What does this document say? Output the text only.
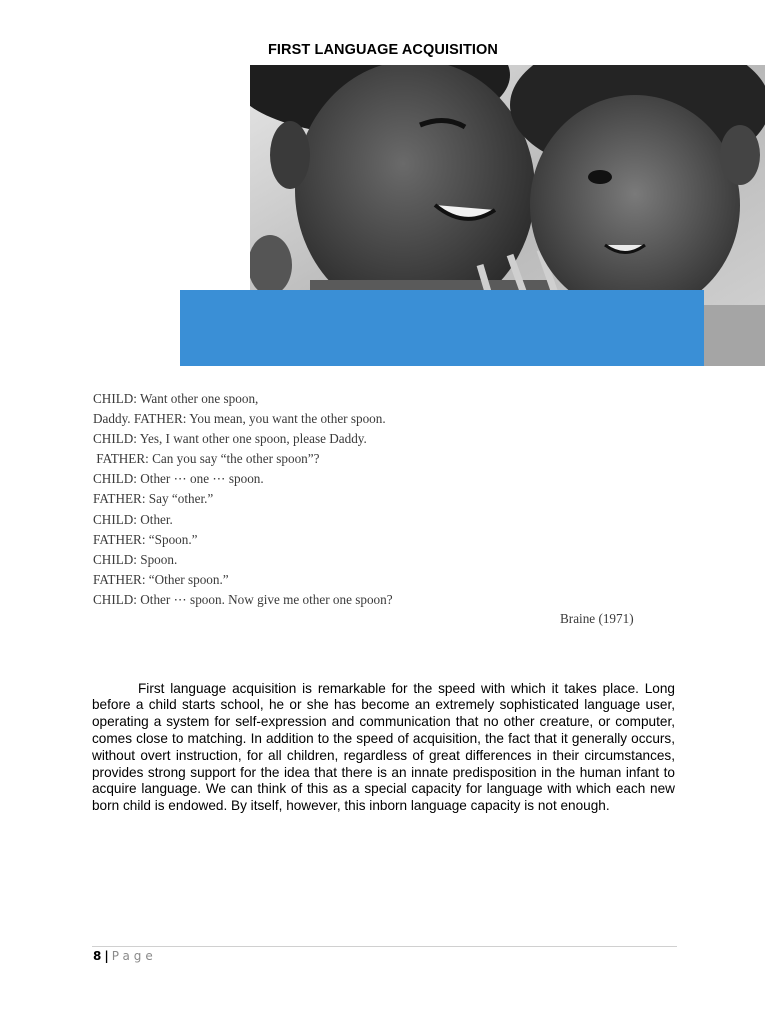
FIRST LANGUAGE ACQUISITION
CHILD: Want other one spoon,
Daddy. FATHER: You mean, you want the other spoon.
CHILD: Yes, I want other one spoon, please Daddy.
FATHER: Can you say “the other spoon”?
CHILD: Other ⋯ one ⋯ spoon.
FATHER: Say “other.”
CHILD: Other.
FATHER: “Spoon.”
CHILD: Spoon.
FATHER: “Other spoon.”
CHILD: Other ⋯ spoon. Now give me other one spoon?
Braine (1971)

First language acquisition is remarkable for the speed with which it takes place. Long before a child starts school, he or she has become an extremely sophisticated language user, operating a system for self-expression and communication that no other creature, or computer, comes close to matching. In addition to the speed of acquisition, the fact that it generally occurs, without overt instruction, for all children, regardless of great differences in their circumstances, provides strong support for the idea that there is an innate predisposition in the human infant to acquire language. We can think of this as a special capacity for language with which each new born child is endowed. By itself, however, this inborn language capacity is not enough.

8 | Page
